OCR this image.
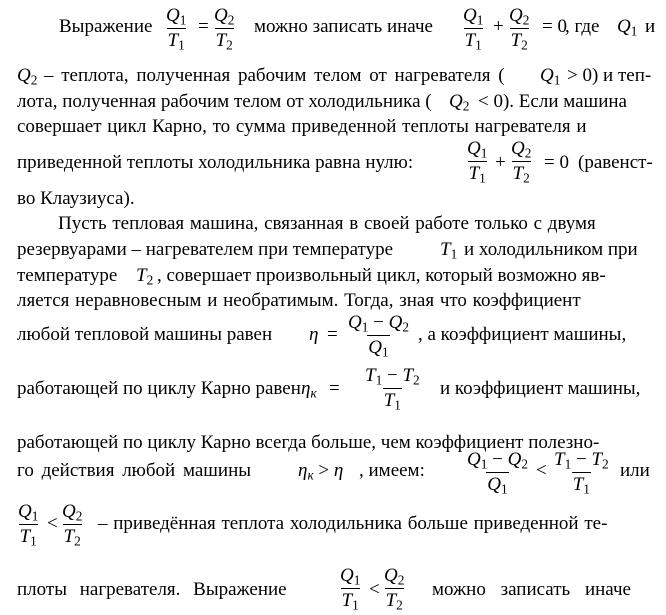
Выражение $\frac{Q_1}{T_1} = \frac{Q_2}{T_2}$ можно записать иначе $\frac{Q_1}{T_1} + \frac{Q_2}{T_2} = 0$
, где $Q_1$ и
$Q_2$ – теплота, полученная рабочим телом от нагревателя ( $Q_1 > 0$) и теп-
лота, полученная рабочим телом от холодильника ( $Q_2 < 0$). Если машина
совершает цикл Карно, то сумма приведенной теплоты нагревателя и
приведенной теплоты холодильника равна нулю:	$\frac{Q_1}{T_1} + \frac{Q_2}{T_2} = 0$ (равенст-
во Клаузиуса).
Пусть тепловая машина, связанная в своей работе только с двумя
резервуарами – нагревателем при температуре $T_1$ и холодильником при
температуре $T_2$ , совершает произвольный цикл, который возможно яв-
ляется неравновесным и необратимым. Тогда, зная что коэффициент
любой тепловой машины равен $\eta = \frac{Q_1 - Q_2}{Q_1}$ , а коэффициент машины,
работающей по циклу Карно равен $\eta_к = \frac{T_1 - T_2}{T_1}$ и коэффициент машины,
работающей по циклу Карно всегда больше, чем коэффициент полезно-
го действия любой машины $\eta_к > \eta$ , имеем: $\frac{Q_1 - Q_2}{Q_1} < \frac{T_1 - T_2}{T_1}$ или
$\frac{Q_1}{T_1} < \frac{Q_2}{T_2}$ – приведённая теплота холодильника больше приведенной те-
плоты нагревателя. Выражение	$\frac{Q_1}{T_1} < \frac{Q_2}{T_2}$ можно записать иначе
